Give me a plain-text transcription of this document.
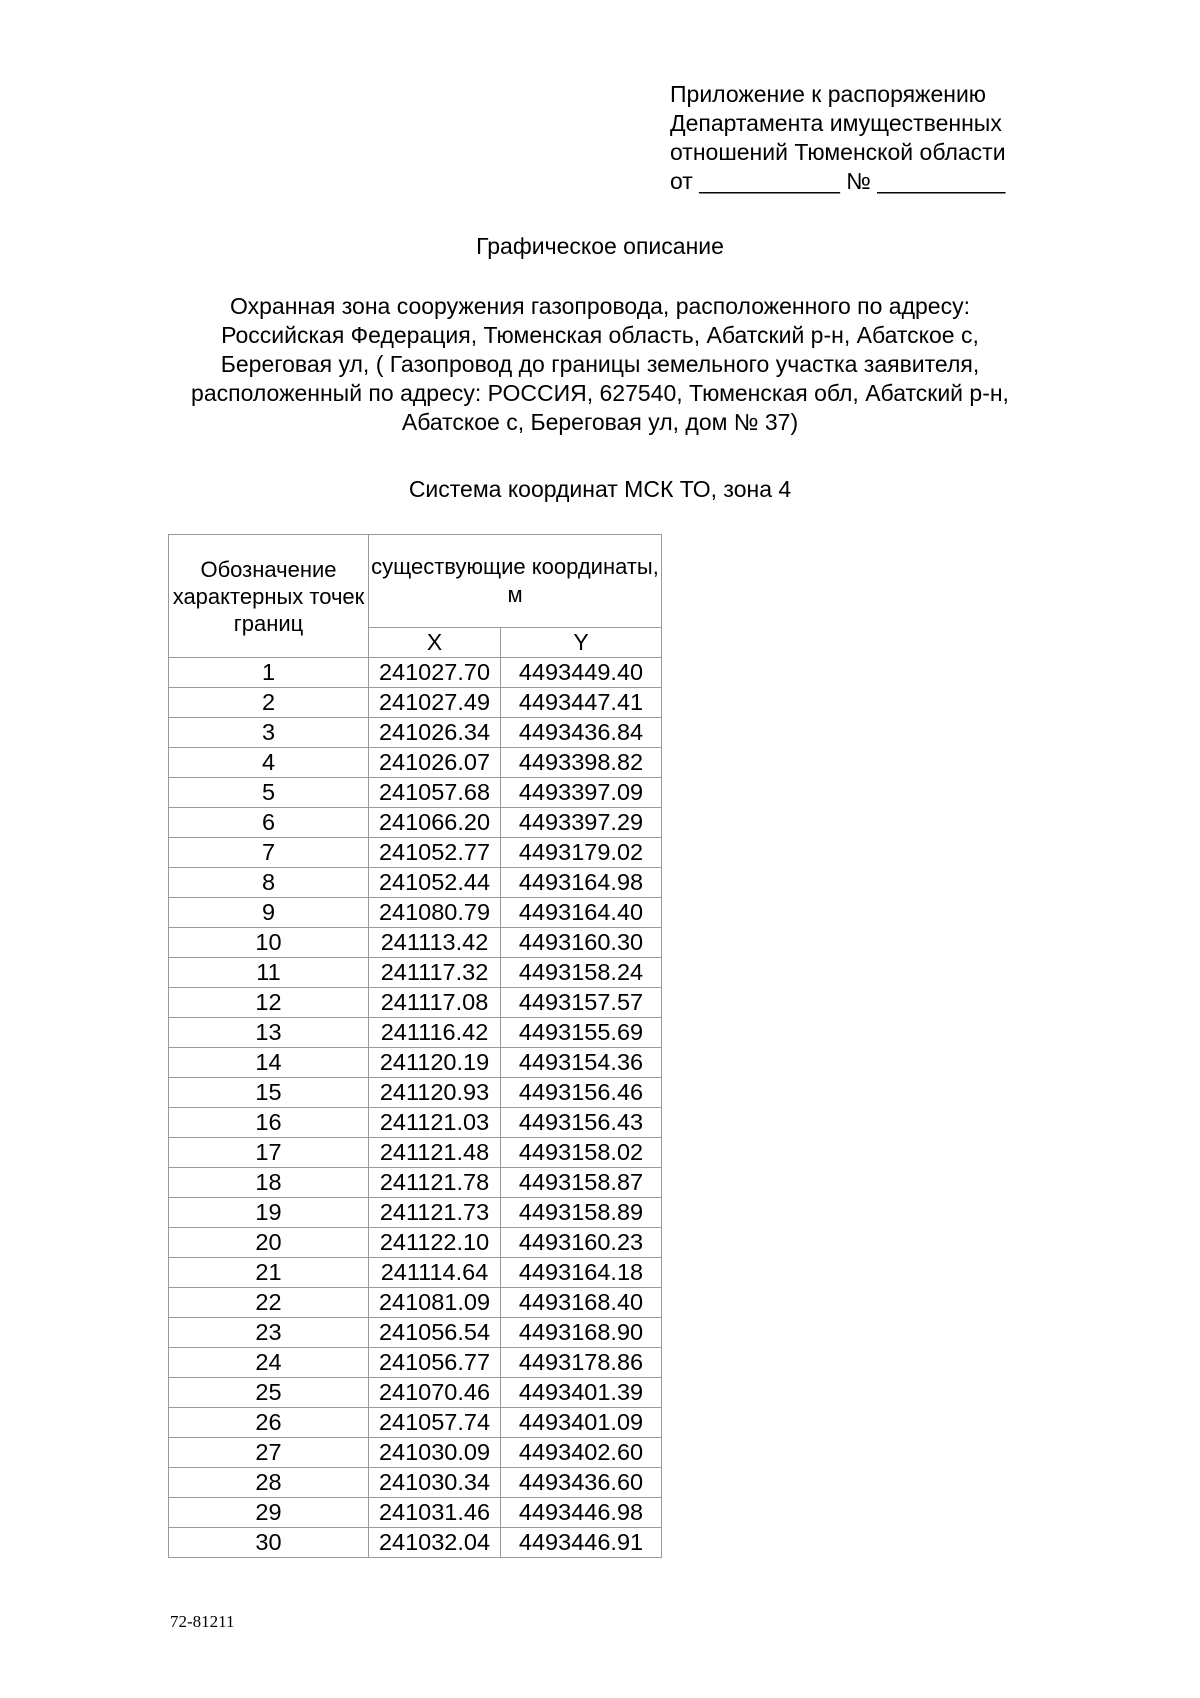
Приложение к распоряжению
Департамента имущественных
отношений Тюменской области
от ___________ № __________
Графическое описание
Охранная зона сооружения газопровода, расположенного по адресу:
Российская Федерация, Тюменская область, Абатский р-н, Абатское с,
Береговая ул, ( Газопровод до границы земельного участка заявителя,
расположенный по адресу: РОССИЯ, 627540, Тюменская обл, Абатский р-н,
Абатское с, Береговая ул, дом № 37)
Система координат МСК ТО, зона 4
Обозначение характерных точек границ	существующие координаты, м	
	X	Y
1	241027.70	4493449.40
2	241027.49	4493447.41
3	241026.34	4493436.84
4	241026.07	4493398.82
5	241057.68	4493397.09
6	241066.20	4493397.29
7	241052.77	4493179.02
8	241052.44	4493164.98
9	241080.79	4493164.40
10	241113.42	4493160.30
11	241117.32	4493158.24
12	241117.08	4493157.57
13	241116.42	4493155.69
14	241120.19	4493154.36
15	241120.93	4493156.46
16	241121.03	4493156.43
17	241121.48	4493158.02
18	241121.78	4493158.87
19	241121.73	4493158.89
20	241122.10	4493160.23
21	241114.64	4493164.18
22	241081.09	4493168.40
23	241056.54	4493168.90
24	241056.77	4493178.86
25	241070.46	4493401.39
26	241057.74	4493401.09
27	241030.09	4493402.60
28	241030.34	4493436.60
29	241031.46	4493446.98
30	241032.04	4493446.91
72-81211
